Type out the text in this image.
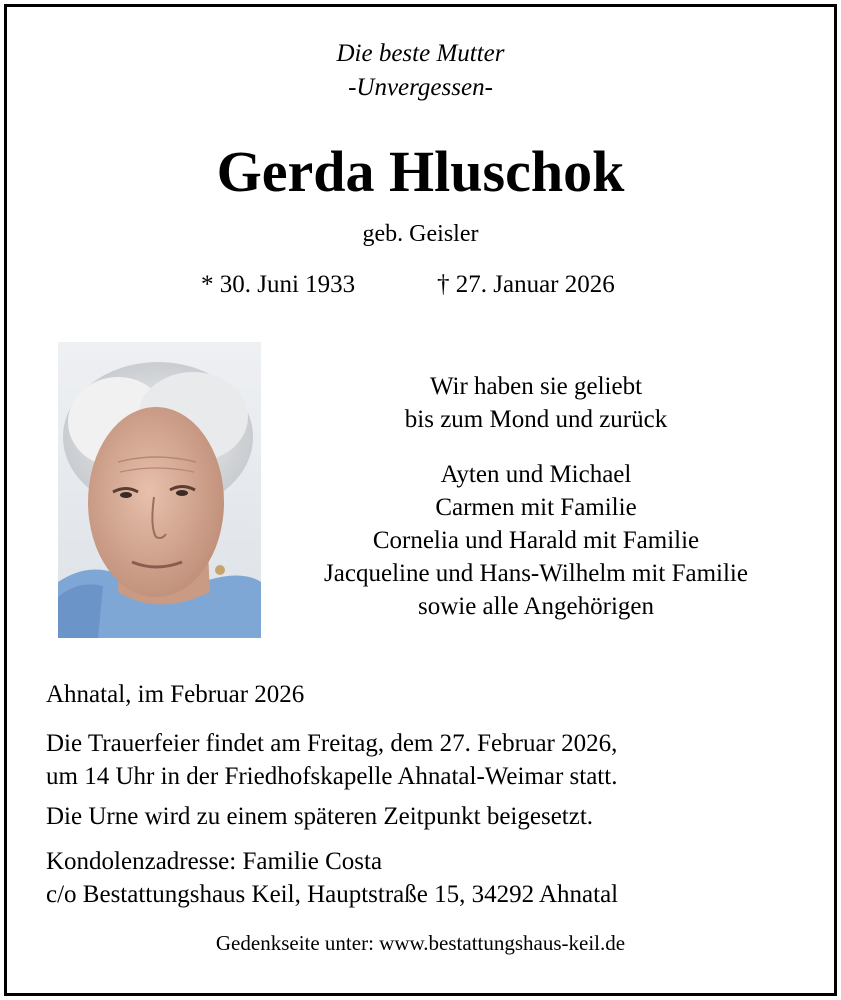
Die beste Mutter
-Unvergessen-
Gerda Hluschok
geb. Geisler
* 30. Juni 1933	† 27. Januar 2026
Wir haben sie geliebt
bis zum Mond und zurück
Ayten und Michael
Carmen mit Familie
Cornelia und Harald mit Familie
Jacqueline und Hans-Wilhelm mit Familie
sowie alle Angehörigen
Ahnatal, im Februar 2026
Die Trauerfeier findet am Freitag, dem 27. Februar 2026,
um 14 Uhr in der Friedhofskapelle Ahnatal-Weimar statt.
Die Urne wird zu einem späteren Zeitpunkt beigesetzt.
Kondolenzadresse: Familie Costa
c/o Bestattungshaus Keil, Hauptstraße 15, 34292 Ahnatal
Gedenkseite unter: www.bestattungshaus-keil.de
